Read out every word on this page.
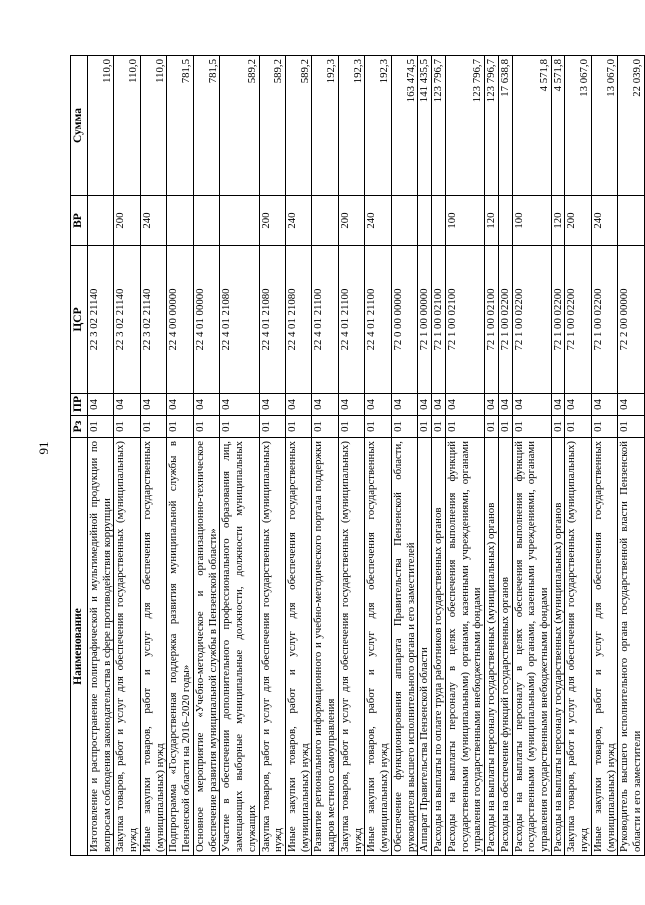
91
Наименование	Рз	ПР	ЦСР	ВР	Сумма
Изготовление и распространение полиграфической и мультимедийной продукции по вопросам соблюдения законодательства в сфере противодействия коррупции	01	04	22 3 02 21140		110,0
Закупка товаров, работ и услуг для обеспечения государственных (муниципальных) нужд	01	04	22 3 02 21140	200	110,0
Иные закупки товаров, работ и услуг для обеспечения государственных (муниципальных) нужд	01	04	22 3 02 21140	240	110,0
Подпрограмма «Государственная поддержка развития муниципальной службы в Пензенской области на 2016–2020 годы»	01	04	22 4 00 00000		781,5
Основное мероприятие «Учебно-методическое и организационно-техническое обеспечение развития муниципальной службы в Пензенской области»	01	04	22 4 01 00000		781,5
Участие в обеспечении дополнительного профессионального образования лиц, замещающих выборные муниципальные должности, должности муниципальных служащих	01	04	22 4 01 21080		589,2
Закупка товаров, работ и услуг для обеспечения государственных (муниципальных) нужд	01	04	22 4 01 21080	200	589,2
Иные закупки товаров, работ и услуг для обеспечения государственных (муниципальных) нужд	01	04	22 4 01 21080	240	589,2
Развитие регионального информационного и учебно-методического портала поддержки кадров местного самоуправления	01	04	22 4 01 21100		192,3
Закупка товаров, работ и услуг для обеспечения государственных (муниципальных) нужд	01	04	22 4 01 21100	200	192,3
Иные закупки товаров, работ и услуг для обеспечения государственных (муниципальных) нужд	01	04	22 4 01 21100	240	192,3
Обеспечение функционирования аппарата Правительства Пензенской области, руководителя высшего исполнительного органа и его заместителей	01	04	72 0 00 00000		163 474,5
Аппарат Правительства Пензенской области	01	04	72 1 00 00000		141 435,5
Расходы на выплаты по оплате труда работников государственных органов	01	04	72 1 00 02100		123 796,7
Расходы на выплаты персоналу в целях обеспечения выполнения функций государственными (муниципальными) органами, казенными учреждениями, органами управления государственными внебюджетными фондами	01	04	72 1 00 02100	100	123 796,7
Расходы на выплаты персоналу государственных (муниципальных) органов	01	04	72 1 00 02100	120	123 796,7
Расходы на обеспечение функций государственных органов	01	04	72 1 00 02200		17 638,8
Расходы на выплаты персоналу в целях обеспечения выполнения функций государственными (муниципальными) органами, казенными учреждениями, органами управления государственными внебюджетными фондами	01	04	72 1 00 02200	100	4 571,8
Расходы на выплаты персоналу государственных (муниципальных) органов	01	04	72 1 00 02200	120	4 571,8
Закупка товаров, работ и услуг для обеспечения государственных (муниципальных) нужд	01	04	72 1 00 02200	200	13 067,0
Иные закупки товаров, работ и услуг для обеспечения государственных (муниципальных) нужд	01	04	72 1 00 02200	240	13 067,0
Руководитель высшего исполнительного органа государственной власти Пензенской области и его заместители	01	04	72 2 00 00000		22 039,0
